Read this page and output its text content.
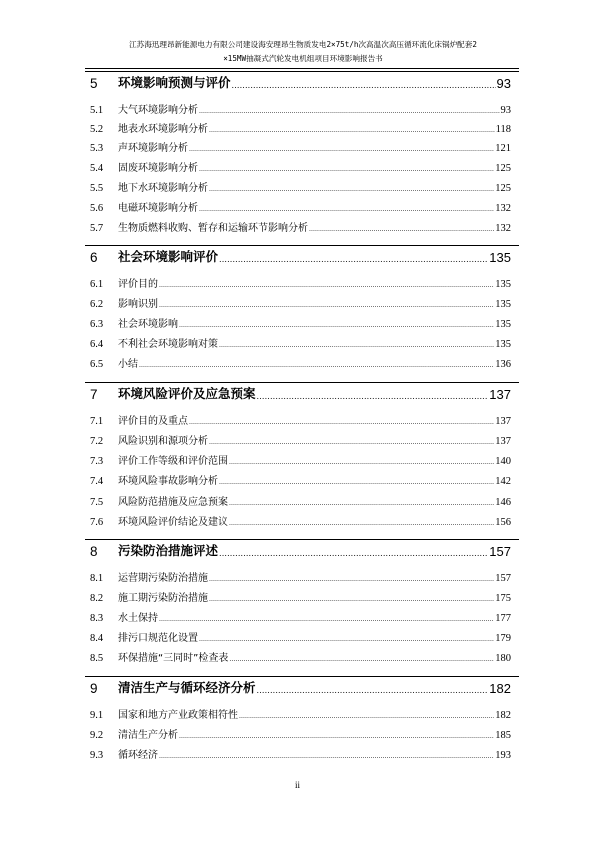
江苏海迅理昂新能源电力有限公司建设海安理昂生物质发电2×75t/h次高温次高压循环流化床锅炉配套2
×15MW抽凝式汽轮发电机组项目环境影响报告书
5 环境影响预测与评价 . . .	93
5.1 大气环境影响分析 . . .	93
5.2 地表水环境影响分析 . . .	118
5.3 声环境影响分析 . . .	121
5.4 固废环境影响分析 . . .	125
5.5 地下水环境影响分析 . . .	125
5.6 电磁环境影响分析 . . .	132
5.7 生物质燃料收购、暂存和运输环节影响分析 . . .	132
6 社会环境影响评价 . . .	135
6.1 评价目的 . . .	135
6.2 影响识别 . . .	135
6.3 社会环境影响 . . .	135
6.4 不利社会环境影响对策 . . .	135
6.5 小结 . . .	136
7 环境风险评价及应急预案 . . .	137
7.1 评价目的及重点 . . .	137
7.2 风险识别和源项分析 . . .	137
7.3 评价工作等级和评价范围 . . .	140
7.4 环境风险事故影响分析 . . .	142
7.5 风险防范措施及应急预案 . . .	146
7.6 环境风险评价结论及建议 . . .	156
8 污染防治措施评述 . . .	157
8.1 运营期污染防治措施 . . .	157
8.2 施工期污染防治措施 . . .	175
8.3 水土保持 . . .	177
8.4 排污口规范化设置 . . .	179
8.5 环保措施“三同时”检查表 . . .	180
9 清洁生产与循环经济分析 . . .	182
9.1 国家和地方产业政策相符性 . . .	182
9.2 清洁生产分析 . . .	185
9.3 循环经济 . . .	193
ii
